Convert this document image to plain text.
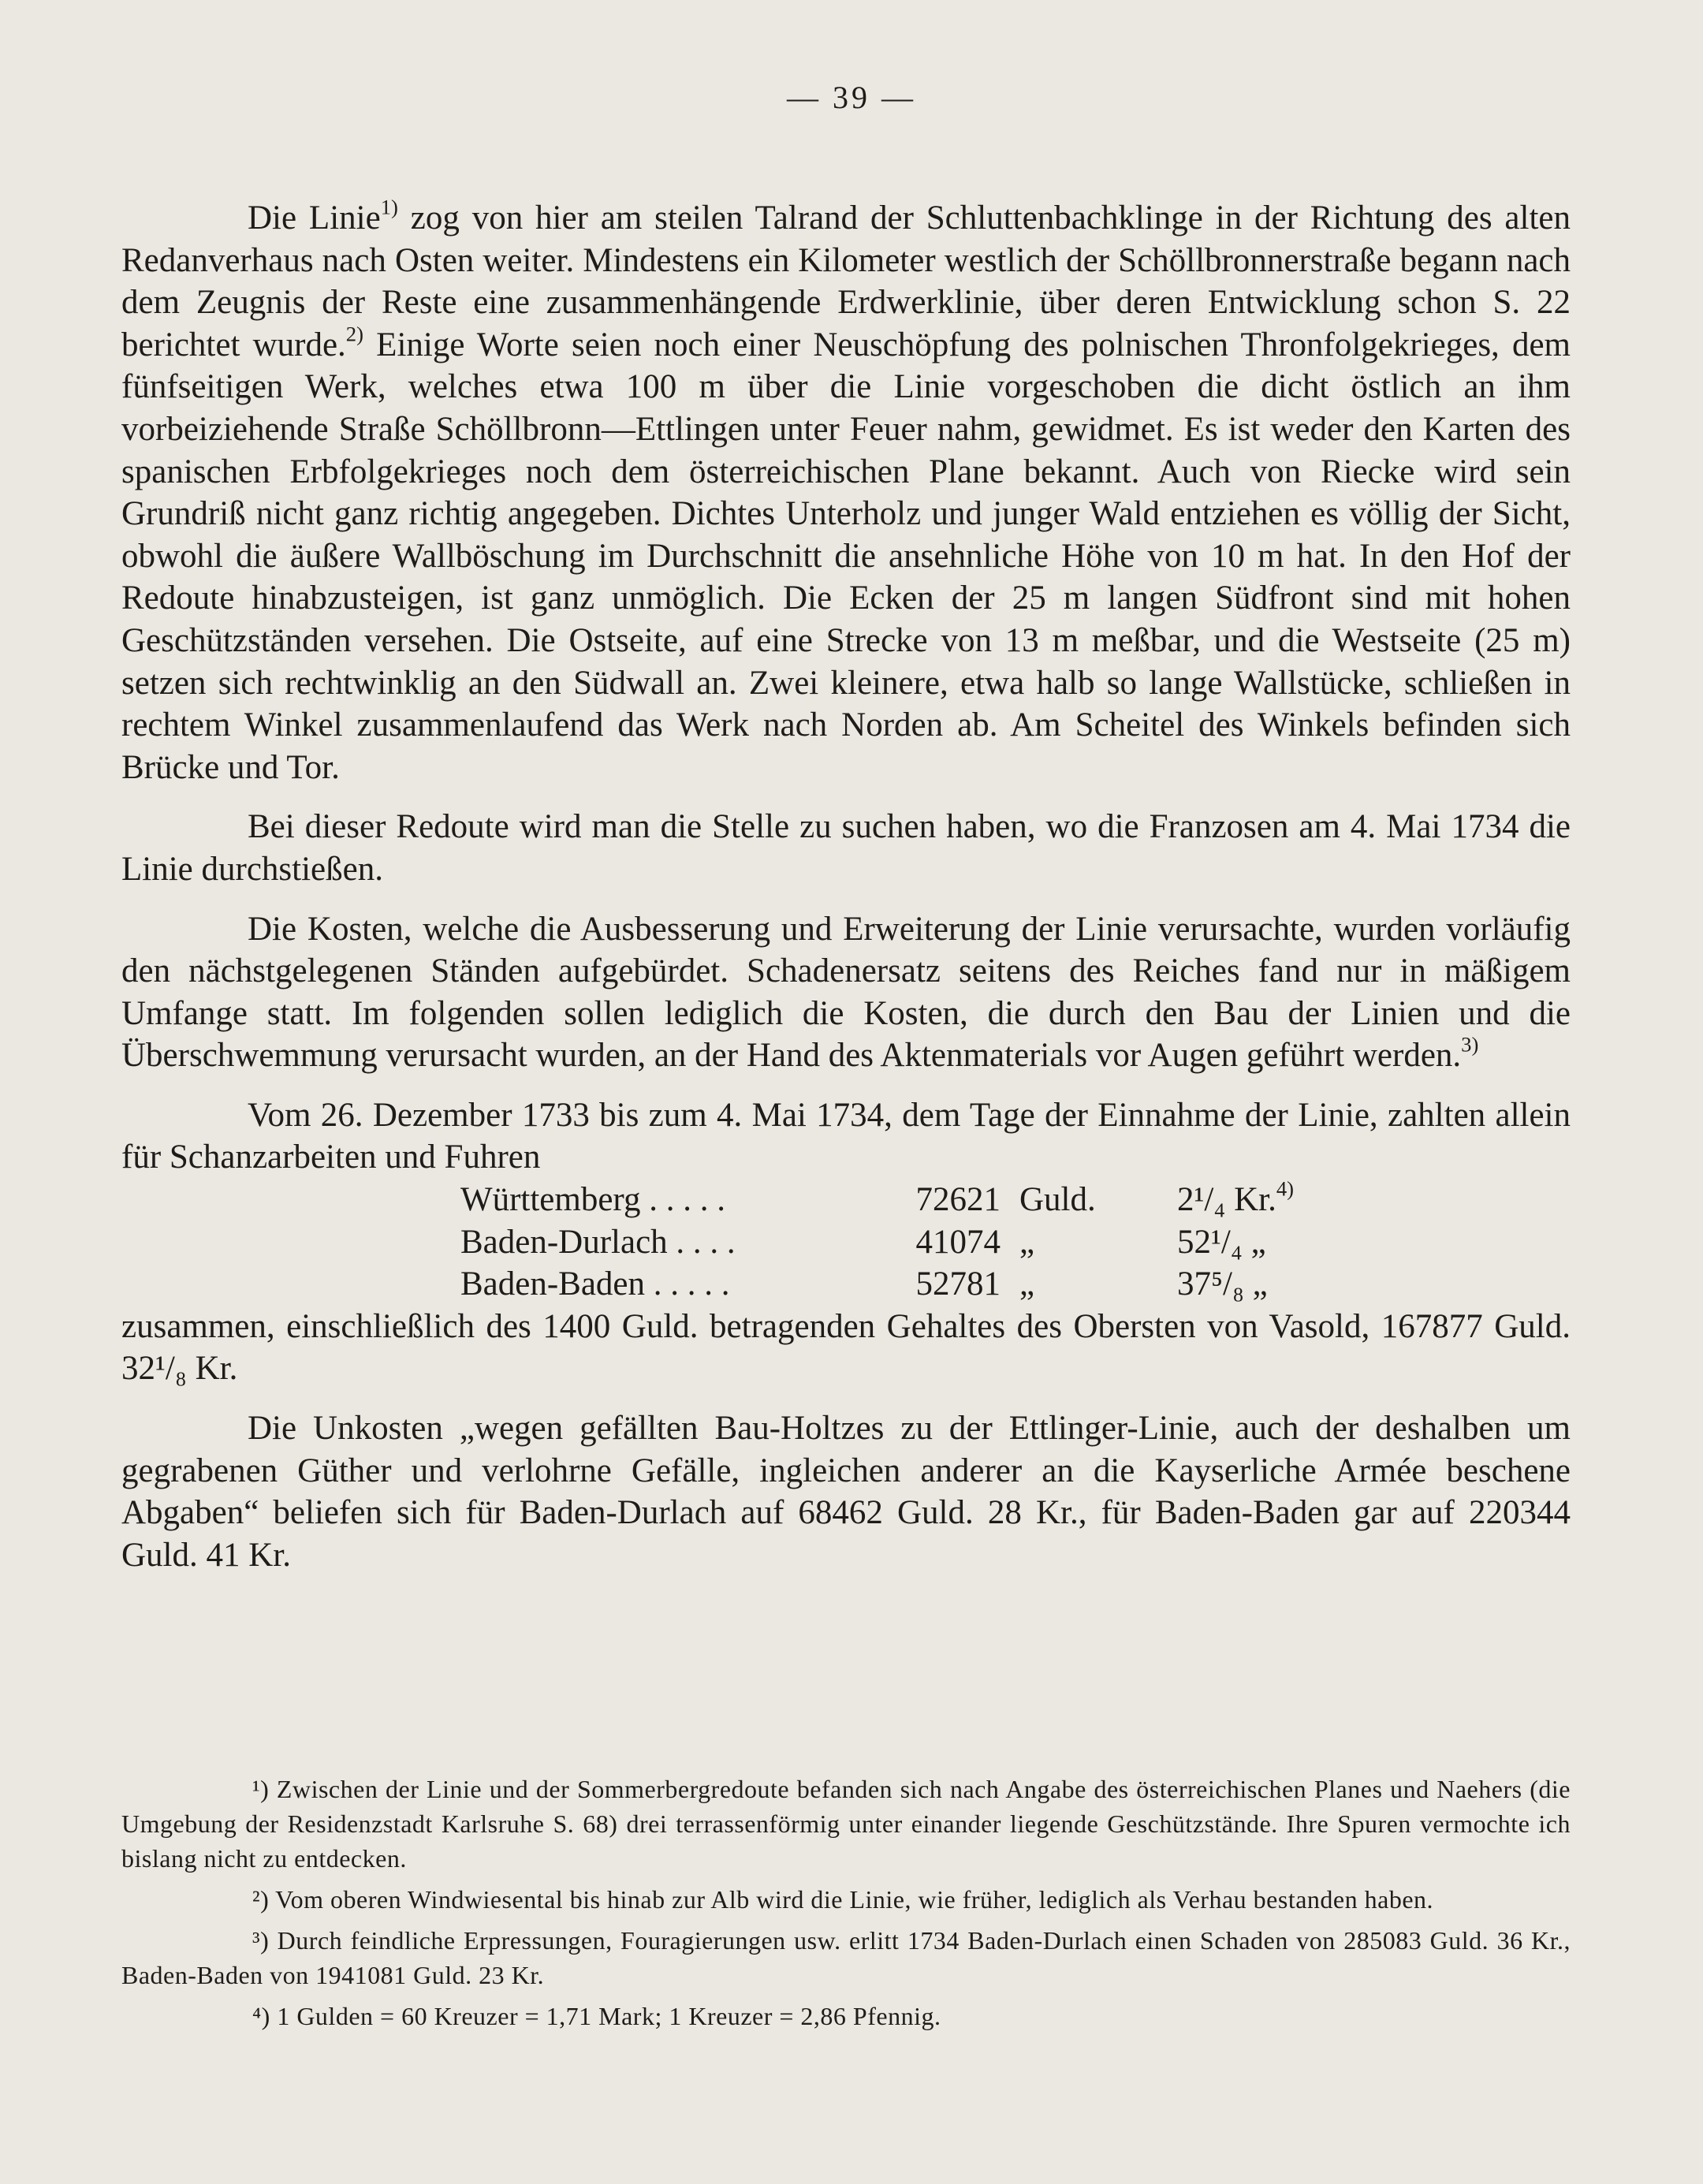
— 39 —

Die Linie$^{1)}$ zog von hier am steilen Talrand der Schluttenbachklinge in der Richtung des alten Redanverhaus nach Osten weiter. Mindestens ein Kilometer westlich der Schöllbronnerstraße begann nach dem Zeugnis der Reste eine zusammenhängende Erdwerklinie, über deren Entwicklung schon S. 22 berichtet wurde.$^{2)}$ Einige Worte seien noch einer Neuschöpfung des polnischen Thronfolgekrieges, dem fünfseitigen Werk, welches etwa 100 m über die Linie vorgeschoben die dicht östlich an ihm vorbeiziehende Straße Schöllbronn—Ettlingen unter Feuer nahm, gewidmet. Es ist weder den Karten des spanischen Erbfolgekrieges noch dem österreichischen Plane bekannt. Auch von Riecke wird sein Grundriß nicht ganz richtig angegeben. Dichtes Unterholz und junger Wald entziehen es völlig der Sicht, obwohl die äußere Wallböschung im Durchschnitt die ansehnliche Höhe von 10 m hat. In den Hof der Redoute hinabzusteigen, ist ganz unmöglich. Die Ecken der 25 m langen Südfront sind mit hohen Geschützständen versehen. Die Ostseite, auf eine Strecke von 13 m meßbar, und die Westseite (25 m) setzen sich rechtwinklig an den Südwall an. Zwei kleinere, etwa halb so lange Wallstücke, schließen in rechtem Winkel zusammenlaufend das Werk nach Norden ab. Am Scheitel des Winkels befinden sich Brücke und Tor.

Bei dieser Redoute wird man die Stelle zu suchen haben, wo die Franzosen am 4. Mai 1734 die Linie durchstießen.

Die Kosten, welche die Ausbesserung und Erweiterung der Linie verursachte, wurden vorläufig den nächstgelegenen Ständen aufgebürdet. Schadenersatz seitens des Reiches fand nur in mäßigem Umfange statt. Im folgenden sollen lediglich die Kosten, die durch den Bau der Linien und die Überschwemmung verursacht wurden, an der Hand des Aktenmaterials vor Augen geführt werden.$^{3)}$

Vom 26. Dezember 1733 bis zum 4. Mai 1734, dem Tage der Einnahme der Linie, zahlten allein für Schanzarbeiten und Fuhren

Württemberg . . . . .	72621 Guld.	2¹/₄ Kr.$^{4)}$
Baden-Durlach . . . .	41074 „	52¹/₄ „
Baden-Baden . . . . .	52781 „	37⁵/₈ „

zusammen, einschließlich des 1400 Guld. betragenden Gehaltes des Obersten von Vasold, 167877 Guld. 32¹/₈ Kr.

Die Unkosten „wegen gefällten Bau-Holtzes zu der Ettlinger-Linie, auch der deshalben um gegrabenen Güther und verlohrne Gefälle, ingleichen anderer an die Kayserliche Armée beschene Abgaben“ beliefen sich für Baden-Durlach auf 68462 Guld. 28 Kr., für Baden-Baden gar auf 220344 Guld. 41 Kr.

¹) Zwischen der Linie und der Sommerbergredoute befanden sich nach Angabe des österreichischen Planes und Naehers (die Umgebung der Residenzstadt Karlsruhe S. 68) drei terrassenförmig unter einander liegende Geschützstände. Ihre Spuren vermochte ich bislang nicht zu entdecken.

²) Vom oberen Windwiesental bis hinab zur Alb wird die Linie, wie früher, lediglich als Verhau bestanden haben.

³) Durch feindliche Erpressungen, Fouragierungen usw. erlitt 1734 Baden-Durlach einen Schaden von 285083 Guld. 36 Kr., Baden-Baden von 1941081 Guld. 23 Kr.

⁴) 1 Gulden = 60 Kreuzer = 1,71 Mark; 1 Kreuzer = 2,86 Pfennig.
